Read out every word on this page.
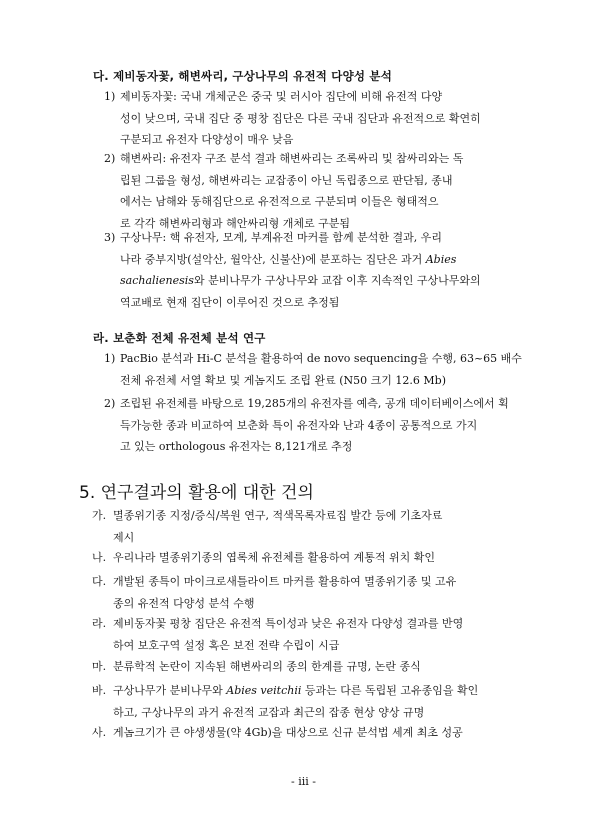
다. 제비동자꽃, 해변싸리, 구상나무의 유전적 다양성 분석
1) 제비동자꽃: 국내 개체군은 중국 및 러시아 집단에 비해 유전적 다양
성이 낮으며, 국내 집단 중 평창 집단은 다른 국내 집단과 유전적으로 확연히
구분되고 유전자 다양성이 매우 낮음
2) 해변싸리: 유전자 구조 분석 결과 해변싸리는 조록싸리 및 참싸리와는 독
립된 그룹을 형성, 해변싸리는 교잡종이 아닌 독립종으로 판단됨, 종내
에서는 남해와 동해집단으로 유전적으로 구분되며 이들은 형태적으
로 각각 해변싸리형과 해안싸리형 개체로 구분됨
3) 구상나무: 핵 유전자, 모계, 부계유전 마커를 함께 분석한 결과, 우리
나라 중부지방(설악산, 월악산, 신불산)에 분포하는 집단은 과거 Abies
sachalienesis와 분비나무가 구상나무와 교잡 이후 지속적인 구상나무와의
역교배로 현재 집단이 이루어진 것으로 추정됨
라. 보춘화 전체 유전체 분석 연구
1) PacBio 분석과 Hi-C 분석을 활용하여 de novo sequencing을 수행, 63~65 배수
전체 유전체 서열 확보 및 게놈지도 조립 완료 (N50 크기 12.6 Mb)
2) 조립된 유전체를 바탕으로 19,285개의 유전자를 예측, 공개 데이터베이스에서 획
득가능한 종과 비교하여 보춘화 특이 유전자와 난과 4종이 공통적으로 가지
고 있는 orthologous 유전자는 8,121개로 추정
5. 연구결과의 활용에 대한 건의
가. 멸종위기종 지정/증식/복원 연구, 적색목록자료집 발간 등에 기초자료
제시
나. 우리나라 멸종위기종의 엽록체 유전체를 활용하여 계통적 위치 확인
다. 개발된 종특이 마이크로새틀라이트 마커를 활용하여 멸종위기종 및 고유
종의 유전적 다양성 분석 수행
라. 제비동자꽃 평창 집단은 유전적 특이성과 낮은 유전자 다양성 결과를 반영
하여 보호구역 설정 혹은 보전 전략 수립이 시급
마. 분류학적 논란이 지속된 해변싸리의 종의 한계를 규명, 논란 종식
바. 구상나무가 분비나무와 Abies veitchii 등과는 다른 독립된 고유종임을 확인
하고, 구상나무의 과거 유전적 교잡과 최근의 잡종 현상 양상 규명
사. 게놈크기가 큰 야생생물(약 4Gb)을 대상으로 신규 분석법 세계 최초 성공
- iii -
